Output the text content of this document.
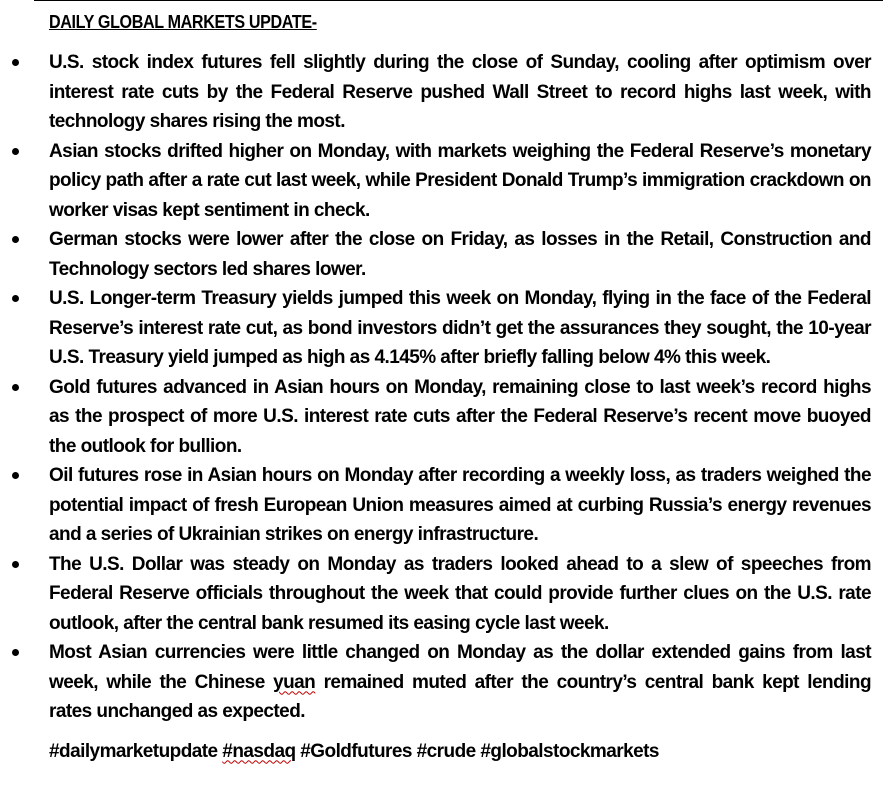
DAILY GLOBAL MARKETS UPDATE-
U.S. stock index futures fell slightly during the close of Sunday, cooling after optimism over interest rate cuts by the Federal Reserve pushed Wall Street to record highs last week, with technology shares rising the most.
Asian stocks drifted higher on Monday, with markets weighing the Federal Reserve’s monetary policy path after a rate cut last week, while President Donald Trump’s immigration crackdown on worker visas kept sentiment in check.
German stocks were lower after the close on Friday, as losses in the Retail, Construction and Technology sectors led shares lower.
U.S. Longer-term Treasury yields jumped this week on Monday, flying in the face of the Federal Reserve’s interest rate cut, as bond investors didn’t get the assurances they sought, the 10-year U.S. Treasury yield jumped as high as 4.145% after briefly falling below 4% this week.
Gold futures advanced in Asian hours on Monday, remaining close to last week’s record highs as the prospect of more U.S. interest rate cuts after the Federal Reserve’s recent move buoyed the outlook for bullion.
Oil futures rose in Asian hours on Monday after recording a weekly loss, as traders weighed the potential impact of fresh European Union measures aimed at curbing Russia’s energy revenues and a series of Ukrainian strikes on energy infrastructure.
The U.S. Dollar was steady on Monday as traders looked ahead to a slew of speeches from Federal Reserve officials throughout the week that could provide further clues on the U.S. rate outlook, after the central bank resumed its easing cycle last week.
Most Asian currencies were little changed on Monday as the dollar extended gains from last week, while the Chinese yuan remained muted after the country’s central bank kept lending rates unchanged as expected.
#dailymarketupdate #nasdaq #Goldfutures #crude #globalstockmarkets
